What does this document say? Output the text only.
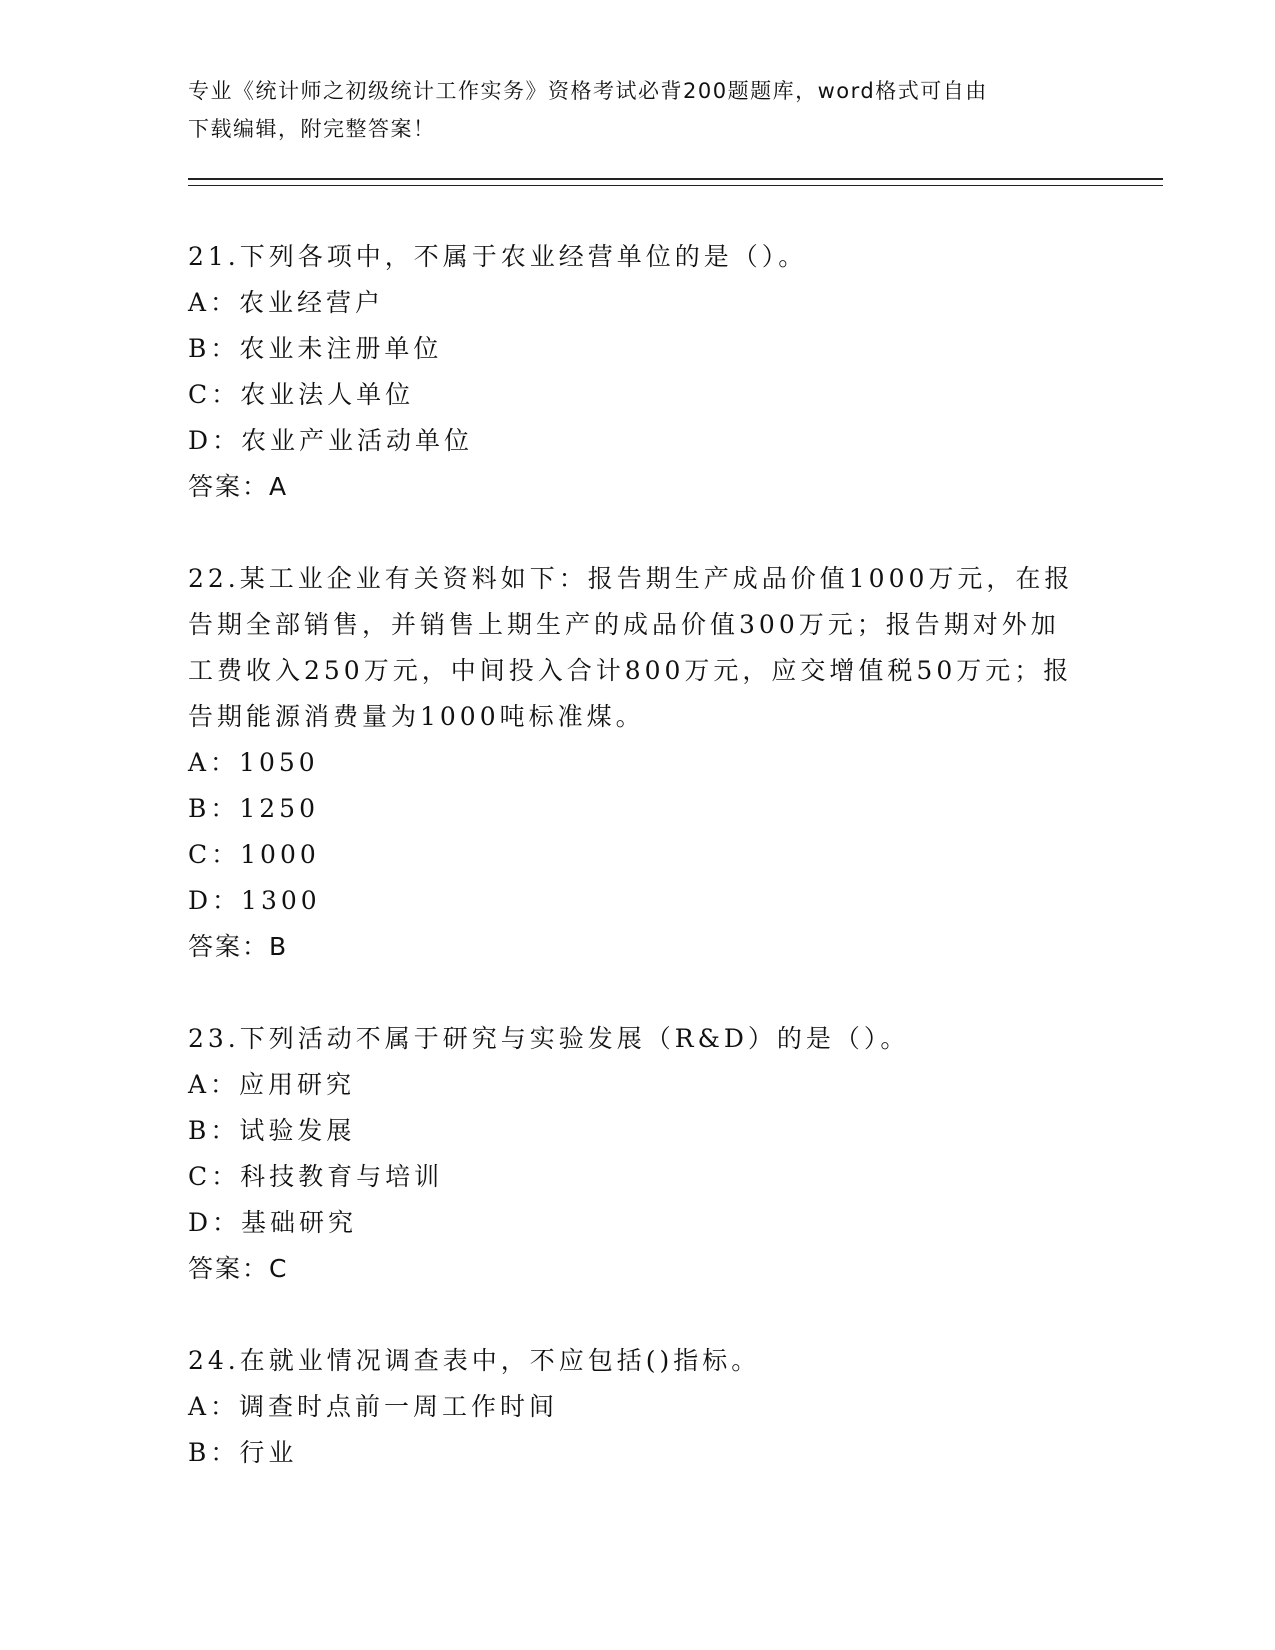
专业《统计师之初级统计工作实务》资格考试必背200题题库，word格式可自由
下载编辑，附完整答案！
21.下列各项中，不属于农业经营单位的是（）。
A：农业经营户
B：农业未注册单位
C：农业法人单位
D：农业产业活动单位
答案：A
22.某工业企业有关资料如下：报告期生产成品价值1000万元，在报
告期全部销售，并销售上期生产的成品价值300万元；报告期对外加
工费收入250万元，中间投入合计800万元，应交增值税50万元；报
告期能源消费量为1000吨标准煤。
A：1050
B：1250
C：1000
D：1300
答案：B
23.下列活动不属于研究与实验发展（R&D）的是（）。
A：应用研究
B：试验发展
C：科技教育与培训
D：基础研究
答案：C
24.在就业情况调查表中，不应包括()指标。
A：调查时点前一周工作时间
B：行业
